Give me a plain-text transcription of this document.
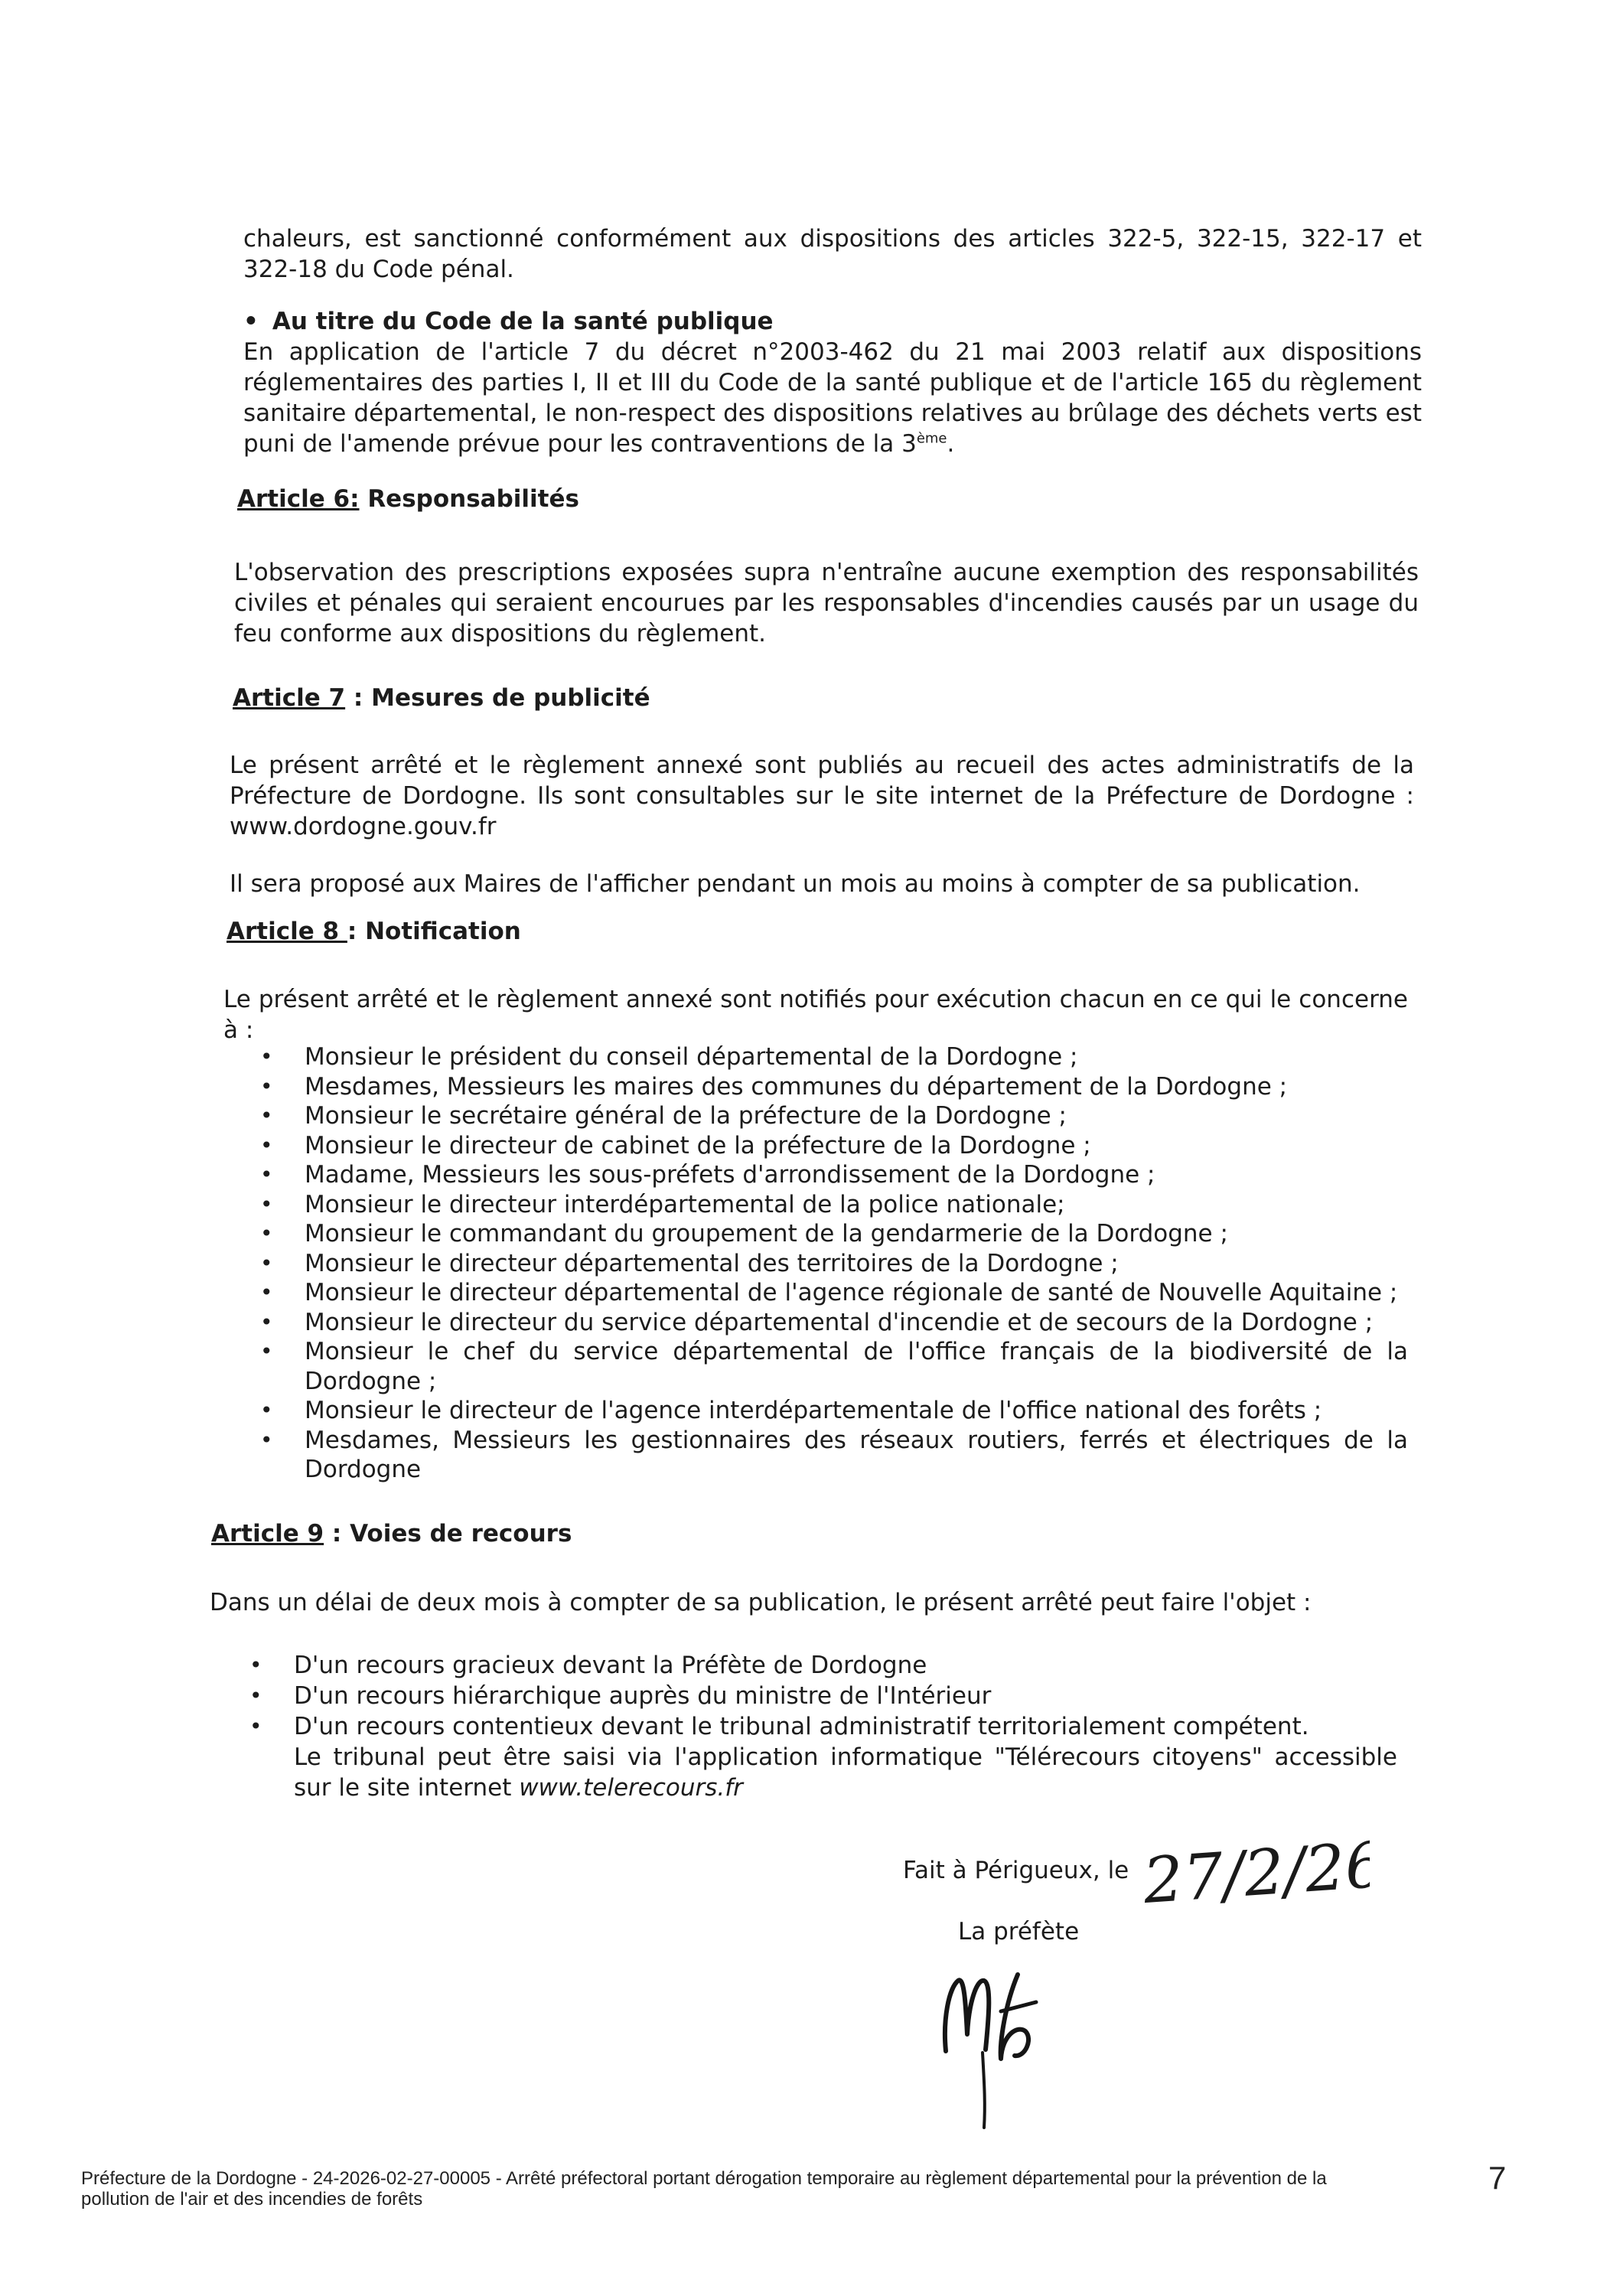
chaleurs, est sanctionné conformément aux dispositions des articles 322-5, 322-15, 322-17 et 322-18 du Code pénal.
• Au titre du Code de la santé publique
En application de l'article 7 du décret n°2003-462 du 21 mai 2003 relatif aux dispositions réglementaires des parties I, II et III du Code de la santé publique et de l'article 165 du règlement sanitaire départemental, le non-respect des dispositions relatives au brûlage des déchets verts est puni de l'amende prévue pour les contraventions de la 3ème.
Article 6: Responsabilités
L'observation des prescriptions exposées supra n'entraîne aucune exemption des responsabilités civiles et pénales qui seraient encourues par les responsables d'incendies causés par un usage du feu conforme aux dispositions du règlement.
Article 7 : Mesures de publicité
Le présent arrêté et le règlement annexé sont publiés au recueil des actes administratifs de la Préfecture de Dordogne. Ils sont consultables sur le site internet de la Préfecture de Dordogne : www.dordogne.gouv.fr
Il sera proposé aux Maires de l'afficher pendant un mois au moins à compter de sa publication.
Article 8 : Notification
Le présent arrêté et le règlement annexé sont notifiés pour exécution chacun en ce qui le concerne à :
• Monsieur le président du conseil départemental de la Dordogne ;
• Mesdames, Messieurs les maires des communes du département de la Dordogne ;
• Monsieur le secrétaire général de la préfecture de la Dordogne ;
• Monsieur le directeur de cabinet de la préfecture de la Dordogne ;
• Madame, Messieurs les sous-préfets d'arrondissement de la Dordogne ;
• Monsieur le directeur interdépartemental de la police nationale;
• Monsieur le commandant du groupement de la gendarmerie de la Dordogne ;
• Monsieur le directeur départemental des territoires de la Dordogne ;
• Monsieur le directeur départemental de l'agence régionale de santé de Nouvelle Aquitaine ;
• Monsieur le directeur du service départemental d'incendie et de secours de la Dordogne ;
• Monsieur le chef du service départemental de l'office français de la biodiversité de la Dordogne ;
• Monsieur le directeur de l'agence interdépartementale de l'office national des forêts ;
• Mesdames, Messieurs les gestionnaires des réseaux routiers, ferrés et électriques de la Dordogne
Article 9 : Voies de recours
Dans un délai de deux mois à compter de sa publication, le présent arrêté peut faire l'objet :
• D'un recours gracieux devant la Préfète de Dordogne
• D'un recours hiérarchique auprès du ministre de l'Intérieur
• D'un recours contentieux devant le tribunal administratif territorialement compétent.
Le tribunal peut être saisi via l'application informatique "Télérecours citoyens" accessible sur le site internet www.telerecours.fr
Fait à Périgueux, le
La préfète
27/2/26
Préfecture de la Dordogne - 24-2026-02-27-00005 - Arrêté préfectoral portant dérogation temporaire au règlement départemental pour la prévention de la pollution de l'air et des incendies de forêts
7
